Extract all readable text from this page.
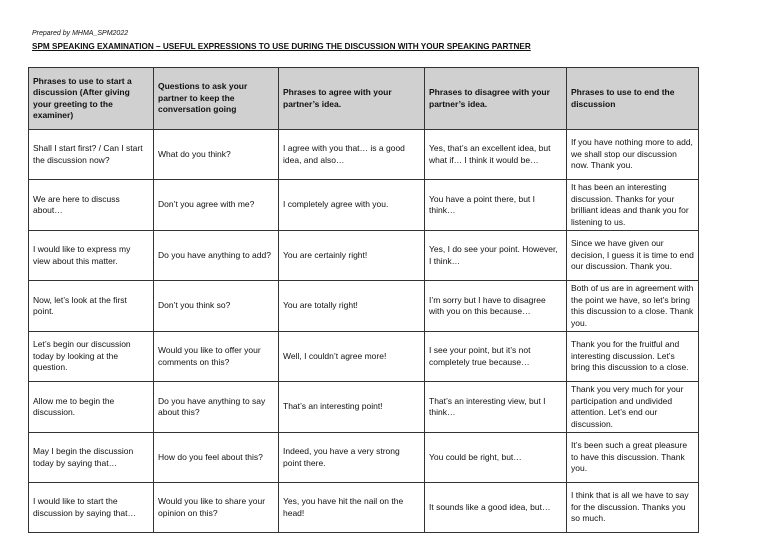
Prepared by MHMA_SPM2022
SPM SPEAKING EXAMINATION – USEFUL EXPRESSIONS TO USE DURING THE DISCUSSION WITH YOUR SPEAKING PARTNER
Phrases to use to start a discussion (After giving your greeting to the examiner)	Questions to ask your partner to keep the conversation going	Phrases to agree with your partner’s idea.	Phrases to disagree with your partner’s idea.	Phrases to use to end the discussion
Shall I start first? / Can I start the discussion now?	What do you think?	I agree with you that… is a good idea, and also…	Yes, that’s an excellent idea, but what if… I think it would be…	If you have nothing more to add, we shall stop our discussion now. Thank you.
We are here to discuss about…	Don’t you agree with me?	I completely agree with you.	You have a point there, but I think…	It has been an interesting discussion. Thanks for your brilliant ideas and thank you for listening to us.
I would like to express my view about this matter.	Do you have anything to add?	You are certainly right!	Yes, I do see your point. However, I think…	Since we have given our decision, I guess it is time to end our discussion. Thank you.
Now, let’s look at the first point.	Don’t you think so?	You are totally right!	I’m sorry but I have to disagree with you on this because…	Both of us are in agreement with the point we have, so let’s bring this discussion to a close. Thank you.
Let’s begin our discussion today by looking at the question.	Would you like to offer your comments on this?	Well, I couldn’t agree more!	I see your point, but it’s not completely true because…	Thank you for the fruitful and interesting discussion. Let’s bring this discussion to a close.
Allow me to begin the discussion.	Do you have anything to say about this?	That’s an interesting point!	That’s an interesting view, but I think…	Thank you very much for your participation and undivided attention. Let’s end our discussion.
May I begin the discussion today by saying that…	How do you feel about this?	Indeed, you have a very strong point there.	You could be right, but…	It’s been such a great pleasure to have this discussion. Thank you.
I would like to start the discussion by saying that…	Would you like to share your opinion on this?	Yes, you have hit the nail on the head!	It sounds like a good idea, but…	I think that is all we have to say for the discussion. Thanks you so much.
